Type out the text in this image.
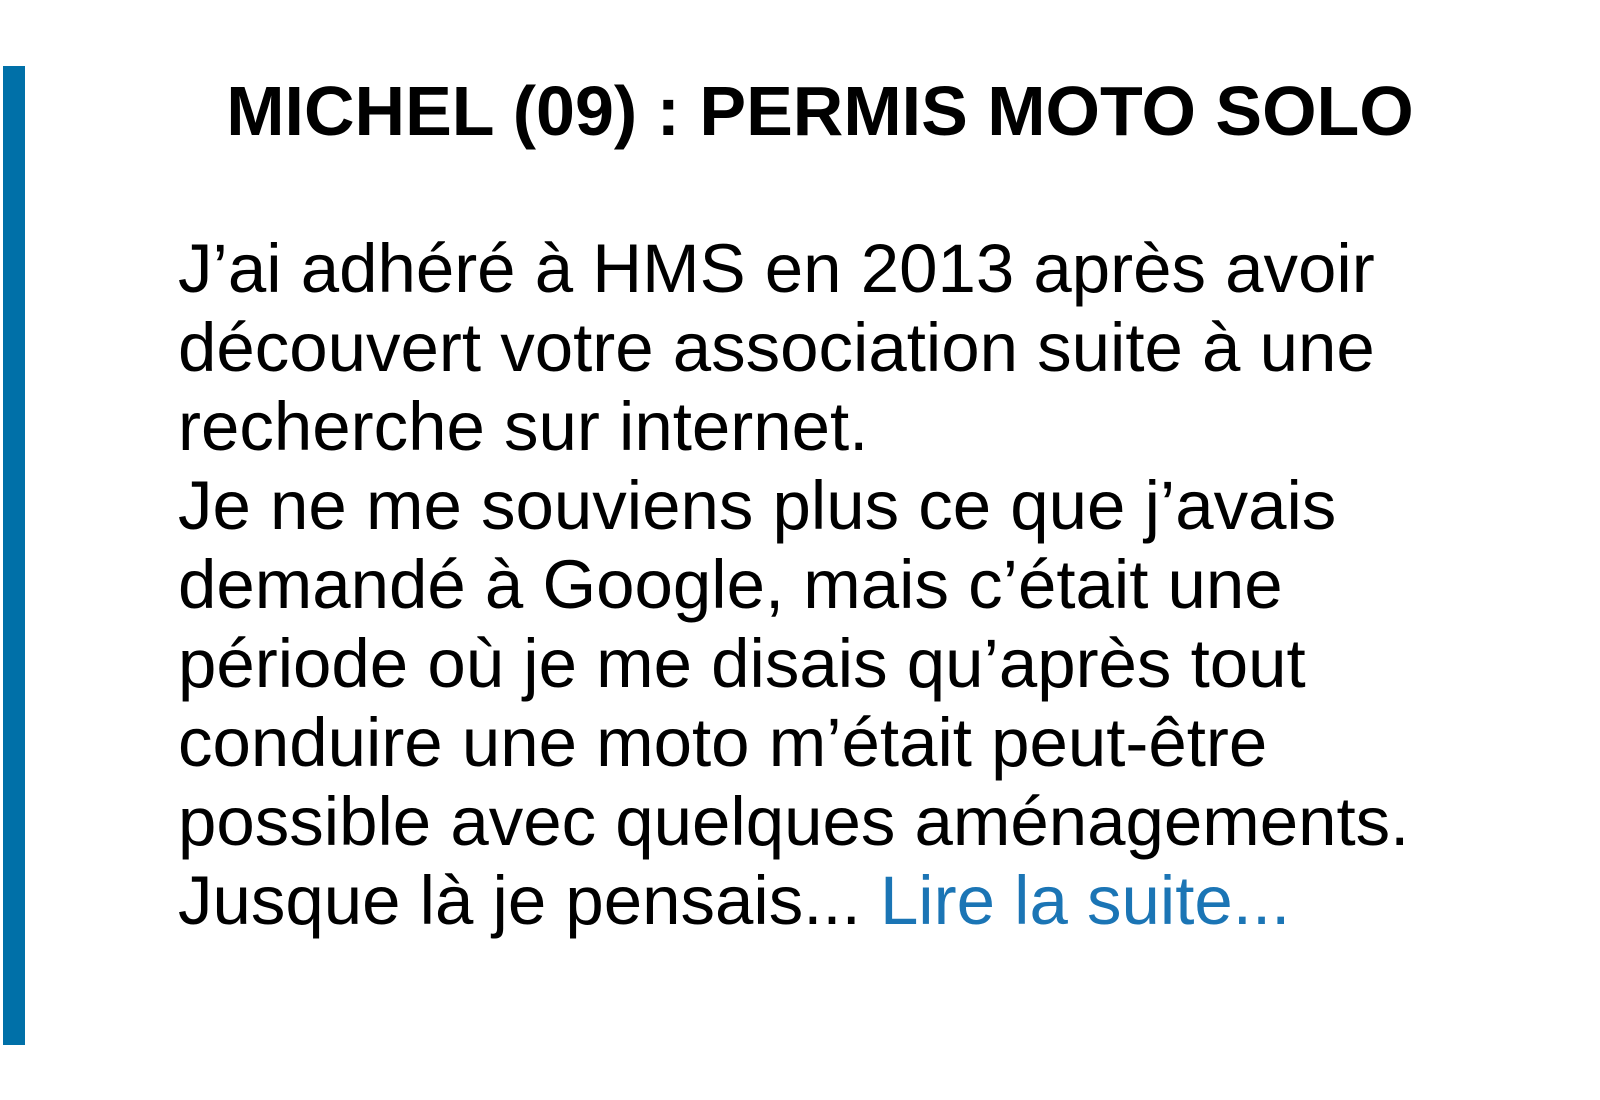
MICHEL (09) : PERMIS MOTO SOLO
J’ai adhéré à HMS en 2013 après avoir
découvert votre association suite à une
recherche sur internet.
Je ne me souviens plus ce que j’avais
demandé à Google, mais c’était une
période où je me disais qu’après tout
conduire une moto m’était peut-être
possible avec quelques aménagements.
Jusque là je pensais... Lire la suite...
